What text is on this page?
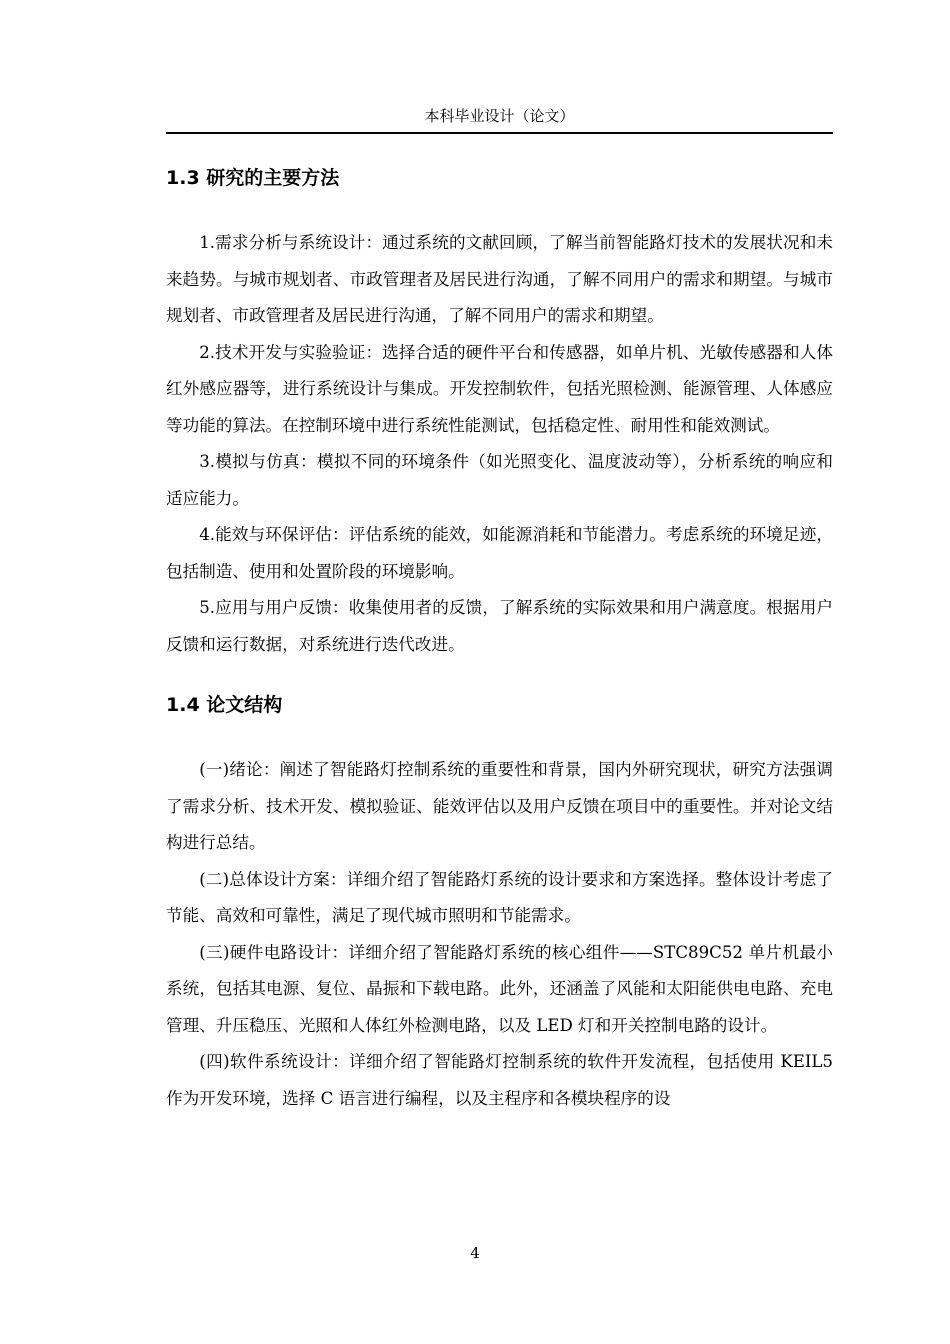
本科毕业设计（论文）
1.3 研究的主要方法

1.需求分析与系统设计：通过系统的文献回顾，了解当前智能路灯技术的发展状况和未来趋势。与城市规划者、市政管理者及居民进行沟通，了解不同用户的需求和期望。与城市规划者、市政管理者及居民进行沟通，了解不同用户的需求和期望。

2.技术开发与实验验证：选择合适的硬件平台和传感器，如单片机、光敏传感器和人体红外感应器等，进行系统设计与集成。开发控制软件，包括光照检测、能源管理、人体感应等功能的算法。在控制环境中进行系统性能测试，包括稳定性、耐用性和能效测试。

3.模拟与仿真：模拟不同的环境条件（如光照变化、温度波动等），分析系统的响应和适应能力。

4.能效与环保评估：评估系统的能效，如能源消耗和节能潜力。考虑系统的环境足迹，包括制造、使用和处置阶段的环境影响。

5.应用与用户反馈：收集使用者的反馈，了解系统的实际效果和用户满意度。根据用户反馈和运行数据，对系统进行迭代改进。

1.4 论文结构

(一)绪论：阐述了智能路灯控制系统的重要性和背景，国内外研究现状，研究方法强调了需求分析、技术开发、模拟验证、能效评估以及用户反馈在项目中的重要性。并对论文结构进行总结。

(二)总体设计方案：详细介绍了智能路灯系统的设计要求和方案选择。整体设计考虑了节能、高效和可靠性，满足了现代城市照明和节能需求。

(三)硬件电路设计：详细介绍了智能路灯系统的核心组件——STC89C52 单片机最小系统，包括其电源、复位、晶振和下载电路。此外，还涵盖了风能和太阳能供电电路、充电管理、升压稳压、光照和人体红外检测电路，以及 LED 灯和开关控制电路的设计。

(四)软件系统设计：详细介绍了智能路灯控制系统的软件开发流程，包括使用 KEIL5 作为开发环境，选择 C 语言进行编程，以及主程序和各模块程序的设

4
